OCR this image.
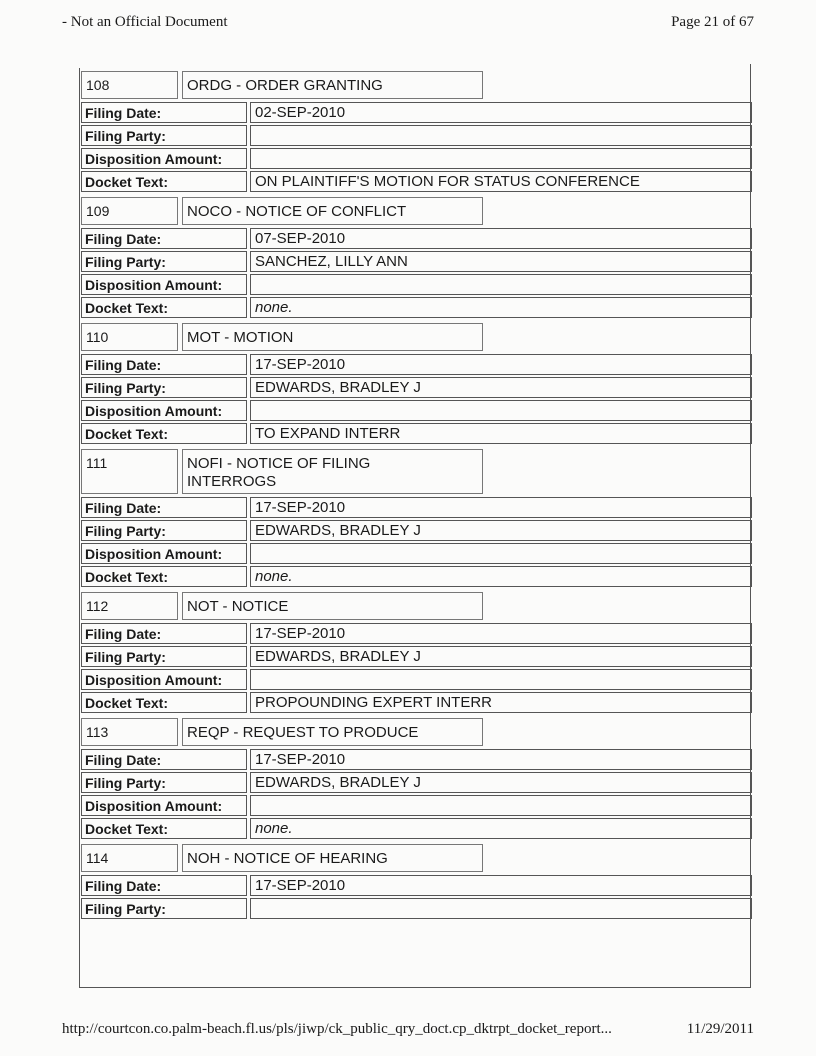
- Not an Official Document	Page 21 of 67
108	ORDG - ORDER GRANTING
Filing Date:	02-SEP-2010
Filing Party:
Disposition Amount:
Docket Text:	ON PLAINTIFF'S MOTION FOR STATUS CONFERENCE
109	NOCO - NOTICE OF CONFLICT
Filing Date:	07-SEP-2010
Filing Party:	SANCHEZ, LILLY ANN
Disposition Amount:
Docket Text:	none.
110	MOT - MOTION
Filing Date:	17-SEP-2010
Filing Party:	EDWARDS, BRADLEY J
Disposition Amount:
Docket Text:	TO EXPAND INTERR
111	NOFI - NOTICE OF FILING
INTERROGS
Filing Date:	17-SEP-2010
Filing Party:	EDWARDS, BRADLEY J
Disposition Amount:
Docket Text:	none.
112	NOT - NOTICE
Filing Date:	17-SEP-2010
Filing Party:	EDWARDS, BRADLEY J
Disposition Amount:
Docket Text:	PROPOUNDING EXPERT INTERR
113	REQP - REQUEST TO PRODUCE
Filing Date:	17-SEP-2010
Filing Party:	EDWARDS, BRADLEY J
Disposition Amount:
Docket Text:	none.
114	NOH - NOTICE OF HEARING
Filing Date:	17-SEP-2010
Filing Party:
http://courtcon.co.palm-beach.fl.us/pls/jiwp/ck_public_qry_doct.cp_dktrpt_docket_report...	11/29/2011
